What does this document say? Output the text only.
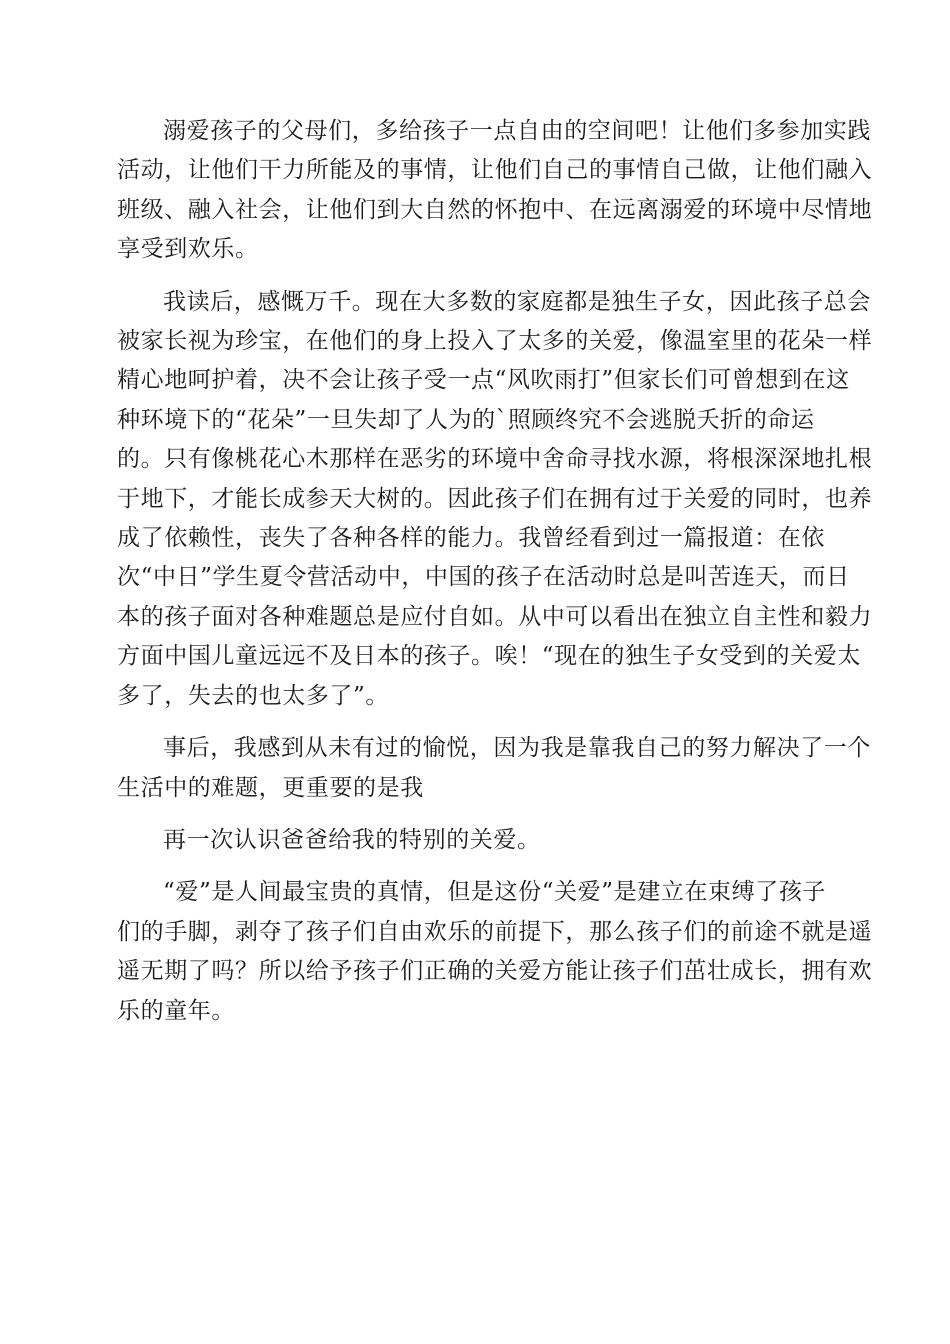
溺爱孩子的父母们，多给孩子一点自由的空间吧！让他们多参加实践
活动，让他们干力所能及的事情，让他们自己的事情自己做，让他们融入
班级、融入社会，让他们到大自然的怀抱中、在远离溺爱的环境中尽情地
享受到欢乐。
我读后，感慨万千。现在大多数的家庭都是独生子女，因此孩子总会
被家长视为珍宝，在他们的身上投入了太多的关爱，像温室里的花朵一样
精心地呵护着，决不会让孩子受一点“风吹雨打”但家长们可曾想到在这
种环境下的“花朵”一旦失却了人为的`照顾终究不会逃脱夭折的命运
的。只有像桃花心木那样在恶劣的环境中舍命寻找水源，将根深深地扎根
于地下，才能长成参天大树的。因此孩子们在拥有过于关爱的同时，也养
成了依赖性，丧失了各种各样的能力。我曾经看到过一篇报道：在依
次“中日”学生夏令营活动中，中国的孩子在活动时总是叫苦连天，而日
本的孩子面对各种难题总是应付自如。从中可以看出在独立自主性和毅力
方面中国儿童远远不及日本的孩子。唉！“现在的独生子女受到的关爱太
多了，失去的也太多了”。
事后，我感到从未有过的愉悦，因为我是靠我自己的努力解决了一个
生活中的难题，更重要的是我
再一次认识爸爸给我的特别的关爱。
“爱”是人间最宝贵的真情，但是这份“关爱”是建立在束缚了孩子
们的手脚，剥夺了孩子们自由欢乐的前提下，那么孩子们的前途不就是遥
遥无期了吗？所以给予孩子们正确的关爱方能让孩子们茁壮成长，拥有欢
乐的童年。
